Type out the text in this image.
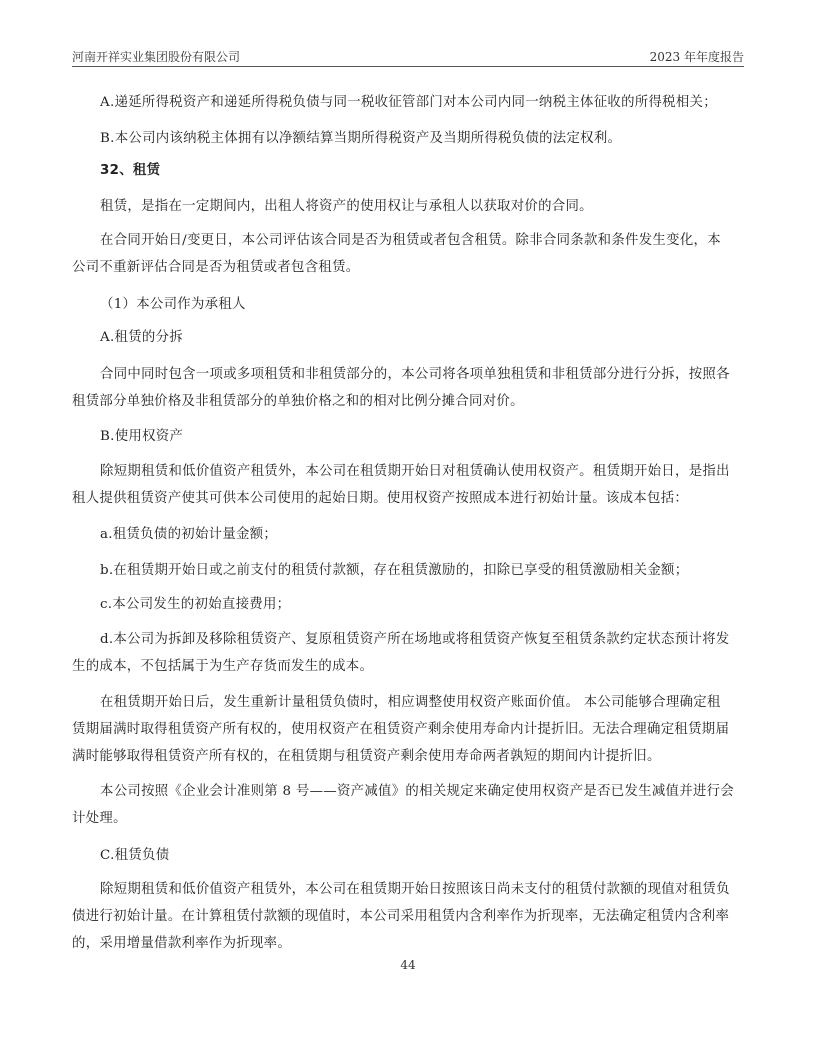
河南开祥实业集团股份有限公司	2023 年年度报告
A.递延所得税资产和递延所得税负债与同一税收征管部门对本公司内同一纳税主体征收的所得税相关；
B.本公司内该纳税主体拥有以净额结算当期所得税资产及当期所得税负债的法定权利。
32、租赁
租赁，是指在一定期间内，出租人将资产的使用权让与承租人以获取对价的合同。
在合同开始日/变更日，本公司评估该合同是否为租赁或者包含租赁。除非合同条款和条件发生变化，本
公司不重新评估合同是否为租赁或者包含租赁。
（1）本公司作为承租人
A.租赁的分拆
合同中同时包含一项或多项租赁和非租赁部分的，本公司将各项单独租赁和非租赁部分进行分拆，按照各
租赁部分单独价格及非租赁部分的单独价格之和的相对比例分摊合同对价。
B.使用权资产
除短期租赁和低价值资产租赁外，本公司在租赁期开始日对租赁确认使用权资产。租赁期开始日，是指出
租人提供租赁资产使其可供本公司使用的起始日期。使用权资产按照成本进行初始计量。该成本包括：
a.租赁负债的初始计量金额；
b.在租赁期开始日或之前支付的租赁付款额，存在租赁激励的，扣除已享受的租赁激励相关金额；
c.本公司发生的初始直接费用；
d.本公司为拆卸及移除租赁资产、复原租赁资产所在场地或将租赁资产恢复至租赁条款约定状态预计将发
生的成本，不包括属于为生产存货而发生的成本。
在租赁期开始日后，发生重新计量租赁负债时，相应调整使用权资产账面价值。 本公司能够合理确定租
赁期届满时取得租赁资产所有权的，使用权资产在租赁资产剩余使用寿命内计提折旧。无法合理确定租赁期届
满时能够取得租赁资产所有权的，在租赁期与租赁资产剩余使用寿命两者孰短的期间内计提折旧。
本公司按照《企业会计准则第 8 号——资产减值》的相关规定来确定使用权资产是否已发生减值并进行会
计处理。
C.租赁负债
除短期租赁和低价值资产租赁外，本公司在租赁期开始日按照该日尚未支付的租赁付款额的现值对租赁负
债进行初始计量。在计算租赁付款额的现值时，本公司采用租赁内含利率作为折现率，无法确定租赁内含利率
的，采用增量借款利率作为折现率。
44
